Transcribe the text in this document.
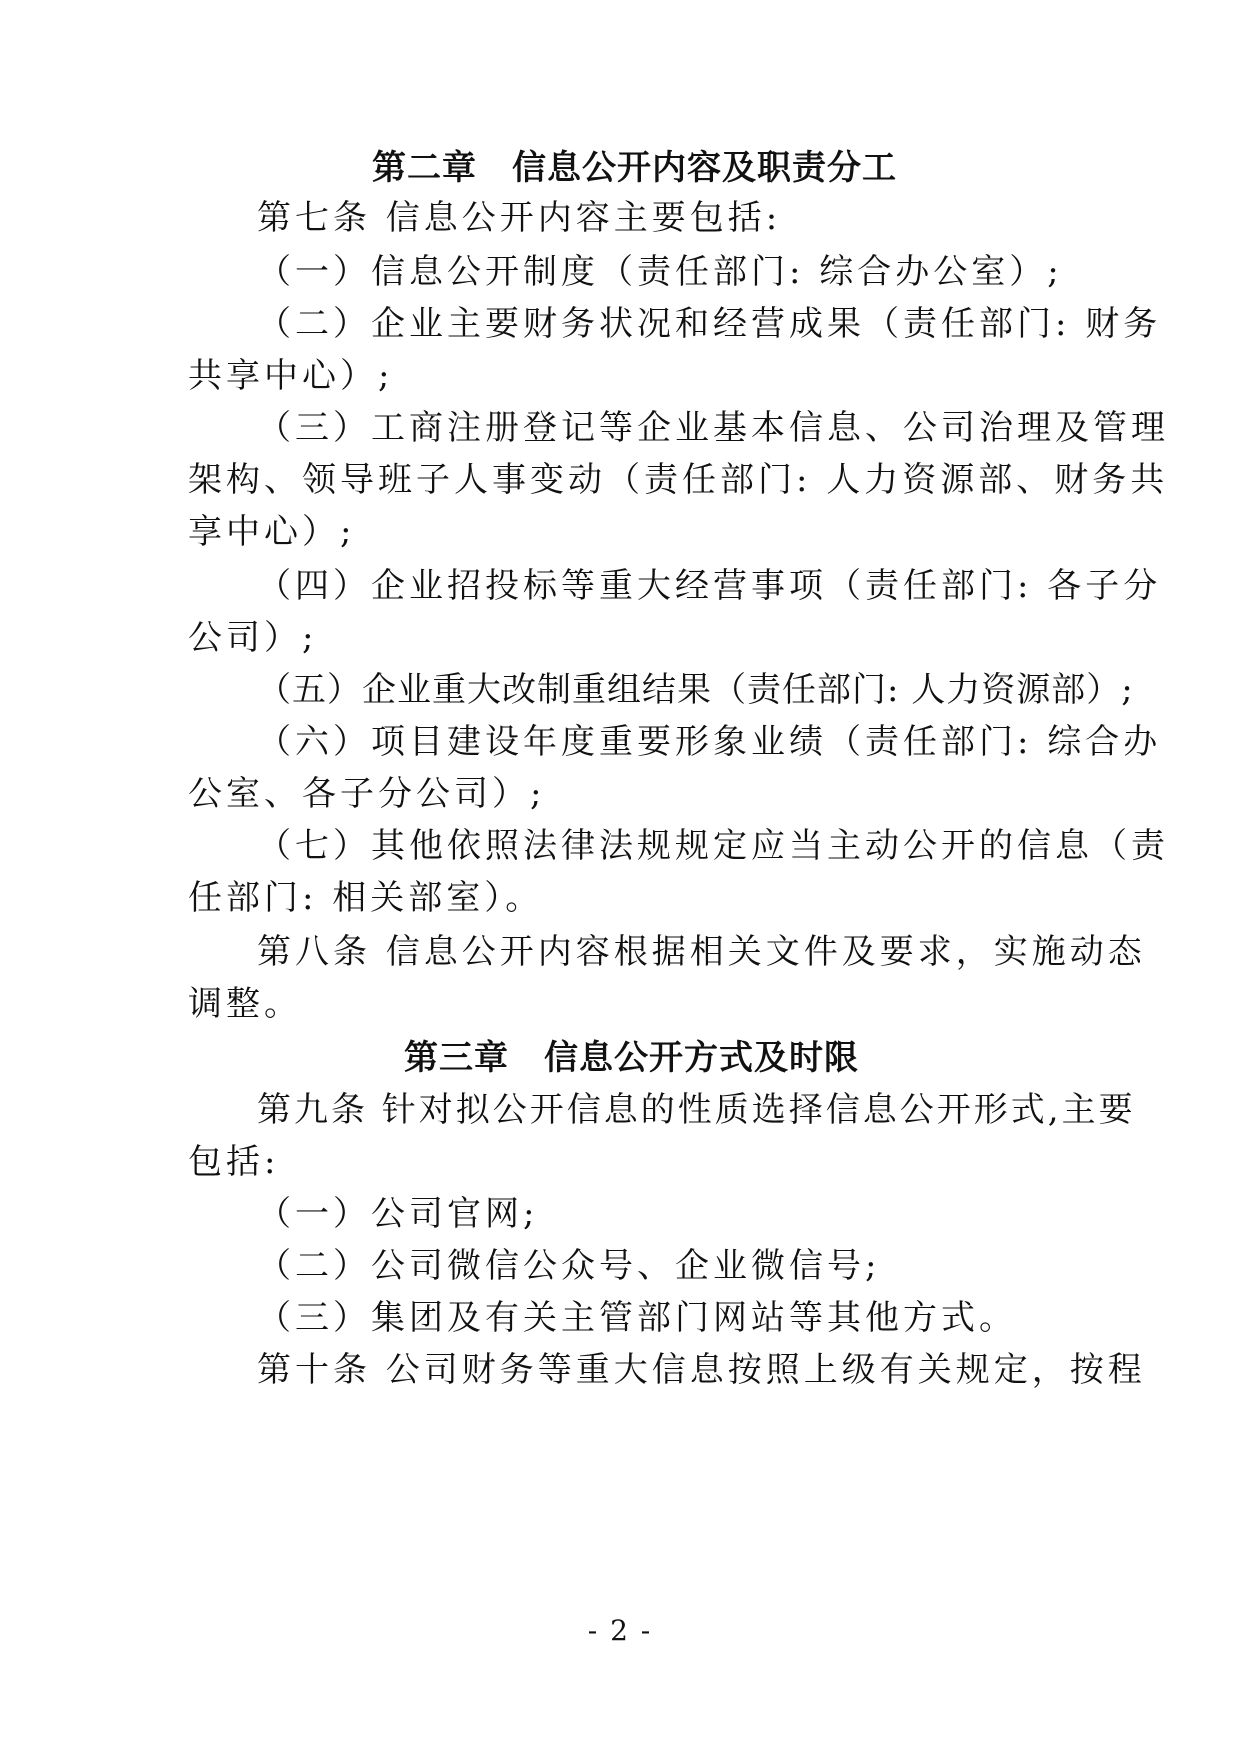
第二章　信息公开内容及职责分工
第七条 信息公开内容主要包括:
（一）信息公开制度（责任部门: 综合办公室）;
（二）企业主要财务状况和经营成果（责任部门: 财务
共享中心）;
（三）工商注册登记等企业基本信息、公司治理及管理
架构、领导班子人事变动（责任部门: 人力资源部、财务共
享中心）;
（四）企业招投标等重大经营事项（责任部门: 各子分
公司）;
（五）企业重大改制重组结果（责任部门: 人力资源部）;
（六）项目建设年度重要形象业绩（责任部门: 综合办
公室、各子分公司）;
（七）其他依照法律法规规定应当主动公开的信息（责
任部门: 相关部室）。
第八条 信息公开内容根据相关文件及要求，实施动态
调整。
第三章　信息公开方式及时限
第九条 针对拟公开信息的性质选择信息公开形式,主要
包括:
（一）公司官网;
（二）公司微信公众号、企业微信号;
（三）集团及有关主管部门网站等其他方式。
第十条 公司财务等重大信息按照上级有关规定，按程
- 2 -
